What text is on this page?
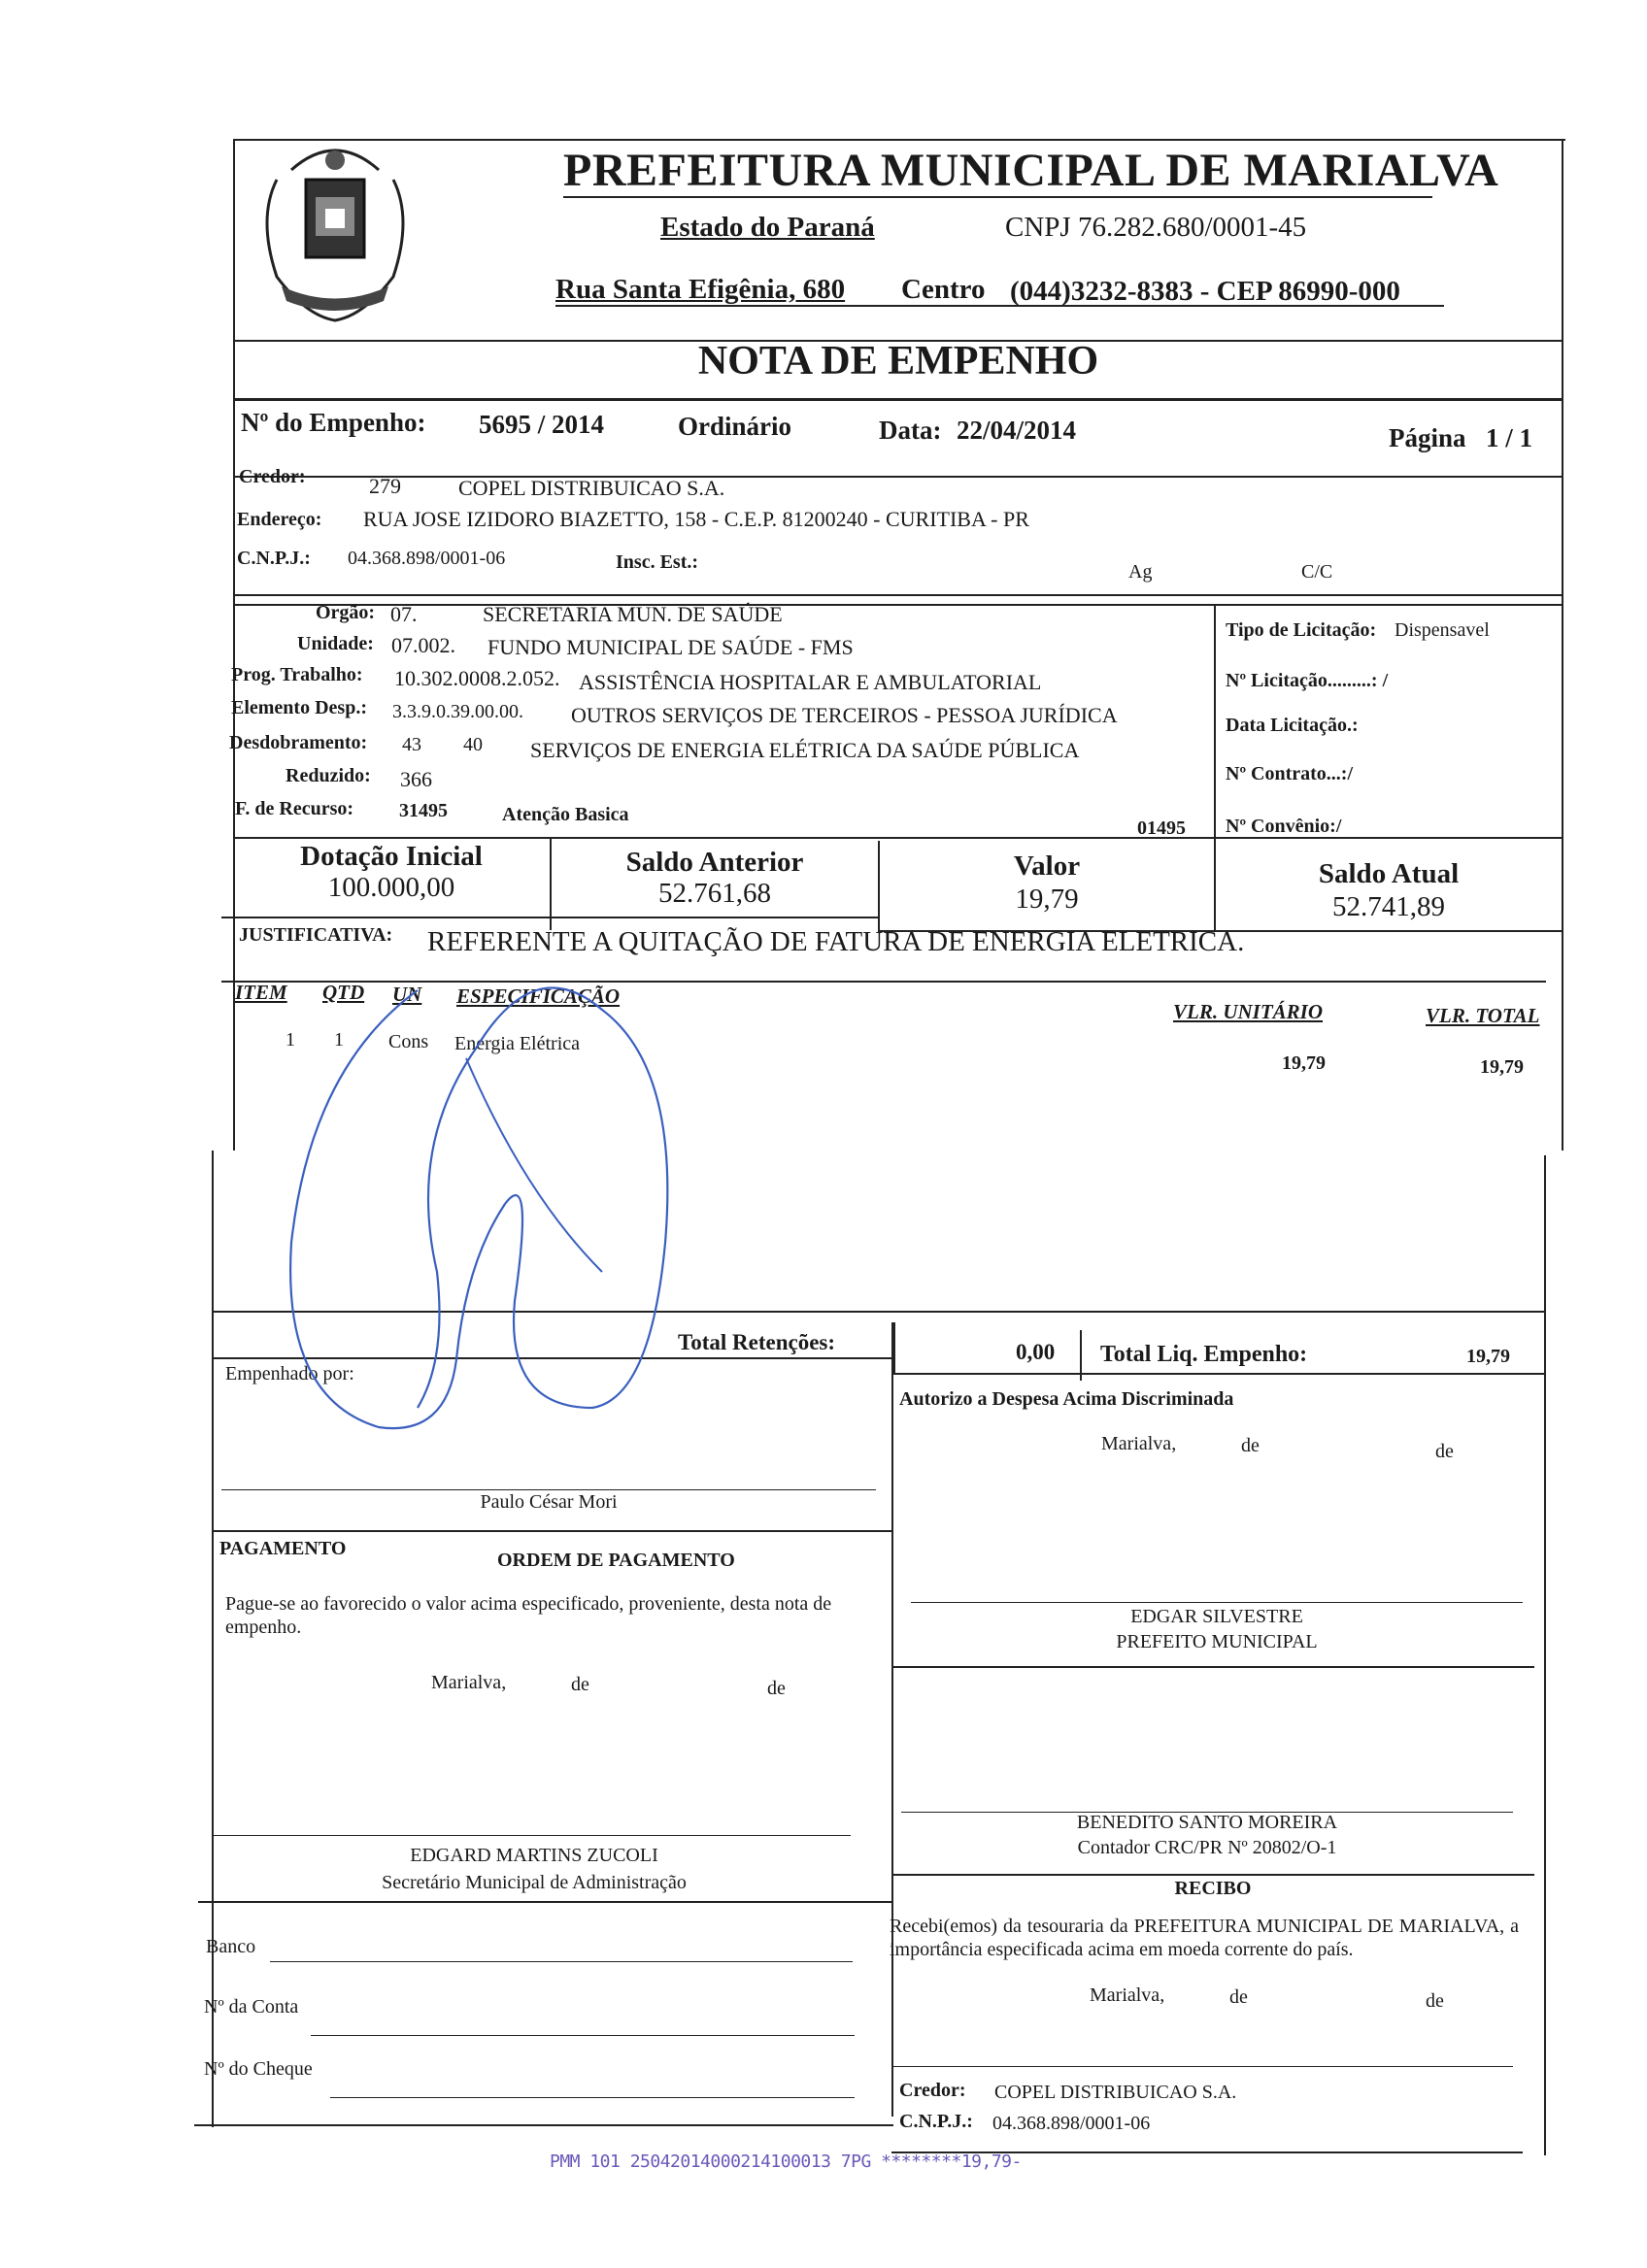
PREFEITURA MUNICIPAL DE MARIALVA
Estado do Paraná	CNPJ 76.282.680/0001-45
Rua Santa Efigênia, 680 Centro (044)3232-8383 - CEP 86990-000
NOTA DE EMPENHO
Nº do Empenho: 5695 / 2014	Ordinário	Data: 22/04/2014	Página 1 / 1
Credor:	279	COPEL DISTRIBUICAO S.A.
Endereço: RUA JOSE IZIDORO BIAZETTO, 158 - C.E.P. 81200240 - CURITIBA - PR
C.N.P.J.: 04.368.898/0001-06	Insc. Est.:	Ag	C/C
Orgão: 07.	SECRETARIA MUN. DE SAÚDE
Unidade: 07.002. FUNDO MUNICIPAL DE SAÚDE - FMS
Prog. Trabalho: 10.302.0008.2.052. ASSISTÊNCIA HOSPITALAR E AMBULATORIAL
Elemento Desp.: 3.3.9.0.39.00.00. OUTROS SERVIÇOS DE TERCEIROS - PESSOA JURÍDICA
Desdobramento: 43 40 SERVIÇOS DE ENERGIA ELÉTRICA DA SAÚDE PÚBLICA
Reduzido: 366
F. de Recurso: 31495	Atenção Basica
01495
Tipo de Licitação: Dispensavel
Nº Licitação.........: /
Data Licitação.:
Nº Contrato...:/
Nº Convênio:/
Dotação Inicial
100.000,00
Saldo Anterior
52.761,68
Valor
19,79
Saldo Atual
52.741,89
JUSTIFICATIVA: REFERENTE A QUITAÇÃO DE FATURA DE ENERGIA ELETRICA.
ITEM QTD UN ESPECIFICAÇÃO
VLR. UNITÁRIO	VLR. TOTAL
1 1 Cons Energia Elétrica
19,79	19,79
Total Retenções:	0,00 Total Liq. Empenho:	19,79
Empenhado por:
Paulo César Mori
PAGAMENTO
ORDEM DE PAGAMENTO
Pague-se ao favorecido o valor acima especificado, proveniente, desta nota de empenho.
Marialva,	de	de
EDGARD MARTINS ZUCOLI
Secretário Municipal de Administração
Banco
Nº da Conta
Nº do Cheque
Autorizo a Despesa Acima Discriminada
Marialva,	de	de
EDGAR SILVESTRE
PREFEITO MUNICIPAL
BENEDITO SANTO MOREIRA
Contador CRC/PR Nº 20802/O-1
RECIBO
Recebi(emos) da tesouraria da PREFEITURA MUNICIPAL DE MARIALVA, a importância especificada acima em moeda corrente do país.
Marialva,	de	de
Credor: COPEL DISTRIBUICAO S.A.
C.N.P.J.: 04.368.898/0001-06
PMM 101 25042014000214100013 7PG ********19,79-
